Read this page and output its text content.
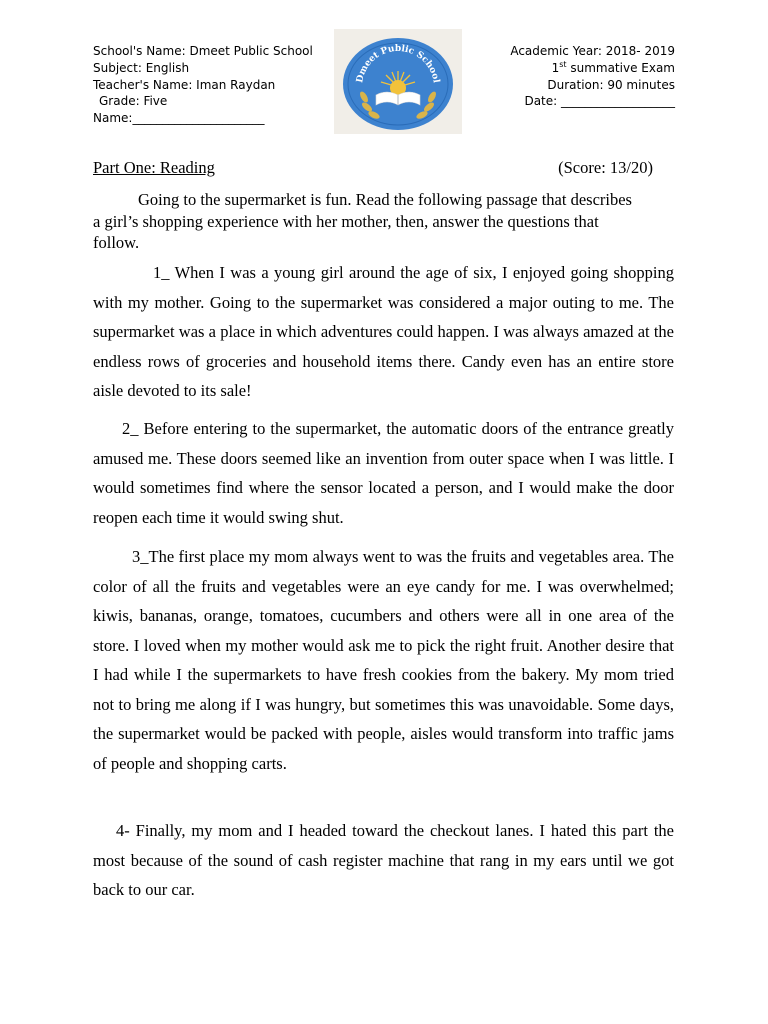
School's Name: Dmeet Public School
Subject: English
Teacher's Name: Iman Raydan
Grade: Five
Name:______________________
Dmeet Public School
Academic Year: 2018- 2019
1st summative Exam
Duration: 90 minutes
Date: ___________________
Part One: Reading	(Score: 13/20)
Going to the supermarket is fun. Read the following passage that describes a girl’s shopping experience with her mother, then, answer the questions that follow.

1_ When I was a young girl around the age of six, I enjoyed going shopping with my mother. Going to the supermarket was considered a major outing to me. The supermarket was a place in which adventures could happen. I was always amazed at the endless rows of groceries and household items there. Candy even has an entire store aisle devoted to its sale!

2_ Before entering to the supermarket, the automatic doors of the entrance greatly amused me. These doors seemed like an invention from outer space when I was little. I would sometimes find where the sensor located a person, and I would make the door reopen each time it would swing shut.

3_The first place my mom always went to was the fruits and vegetables area. The color of all the fruits and vegetables were an eye candy for me. I was overwhelmed; kiwis, bananas, orange, tomatoes, cucumbers and others were all in one area of the store. I loved when my mother would ask me to pick the right fruit. Another desire that I had while I the supermarkets to have fresh cookies from the bakery. My mom tried not to bring me along if I was hungry, but sometimes this was unavoidable. Some days, the supermarket would be packed with people, aisles would transform into traffic jams of people and shopping carts.

4- Finally, my mom and I headed toward the checkout lanes. I hated this part the most because of the sound of cash register machine that rang in my ears until we got back to our car.
